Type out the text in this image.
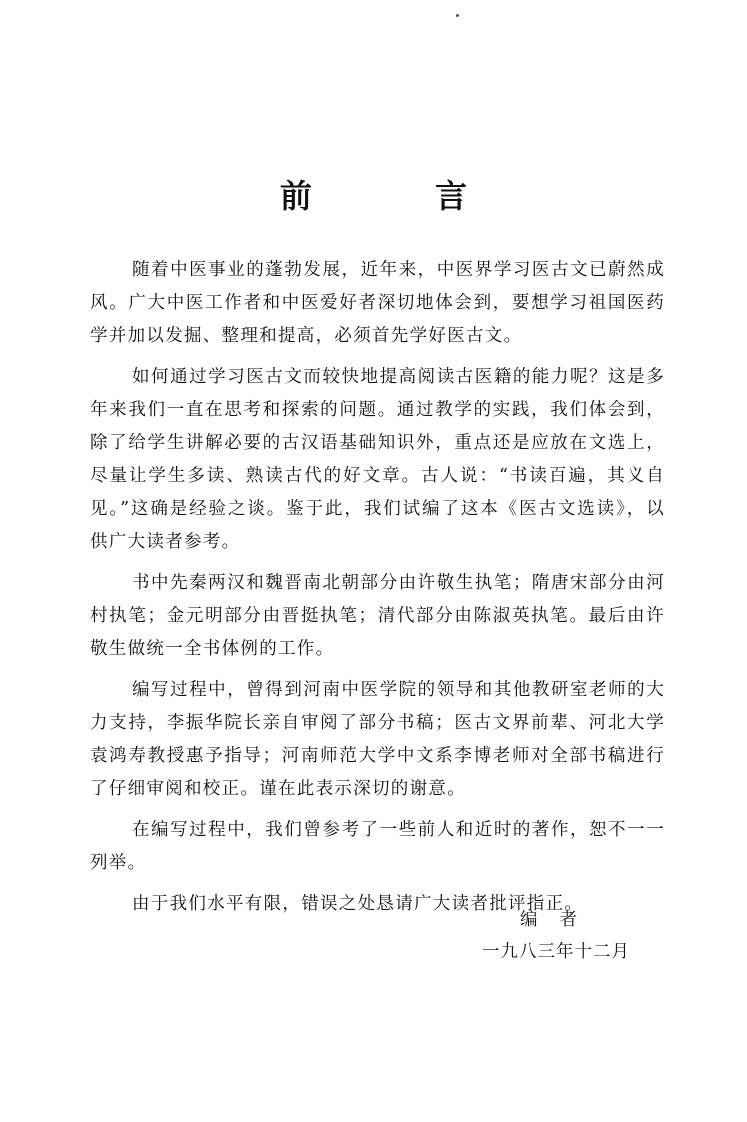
前 言

随着中医事业的蓬勃发展，近年来，中医界学习医古文已蔚然成风。广大中医工作者和中医爱好者深切地体会到，要想学习祖国医药学并加以发掘、整理和提高，必须首先学好医古文。

如何通过学习医古文而较快地提高阅读古医籍的能力呢？这是多年来我们一直在思考和探索的问题。通过教学的实践，我们体会到，除了给学生讲解必要的古汉语基础知识外，重点还是应放在文选上，尽量让学生多读、熟读古代的好文章。古人说：“书读百遍，其义自见。”这确是经验之谈。鉴于此，我们试编了这本《医古文选读》，以供广大读者参考。

书中先秦两汉和魏晋南北朝部分由许敬生执笔；隋唐宋部分由河村执笔；金元明部分由晋挺执笔；清代部分由陈淑英执笔。最后由许敬生做统一全书体例的工作。

编写过程中，曾得到河南中医学院的领导和其他教研室老师的大力支持，李振华院长亲自审阅了部分书稿；医古文界前辈、河北大学袁鸿寿教授惠予指导；河南师范大学中文系李博老师对全部书稿进行了仔细审阅和校正。谨在此表示深切的谢意。

在编写过程中，我们曾参考了一些前人和近时的著作，恕不一一列举。

由于我们水平有限，错误之处恳请广大读者批评指正。

编者
一九八三年十二月
